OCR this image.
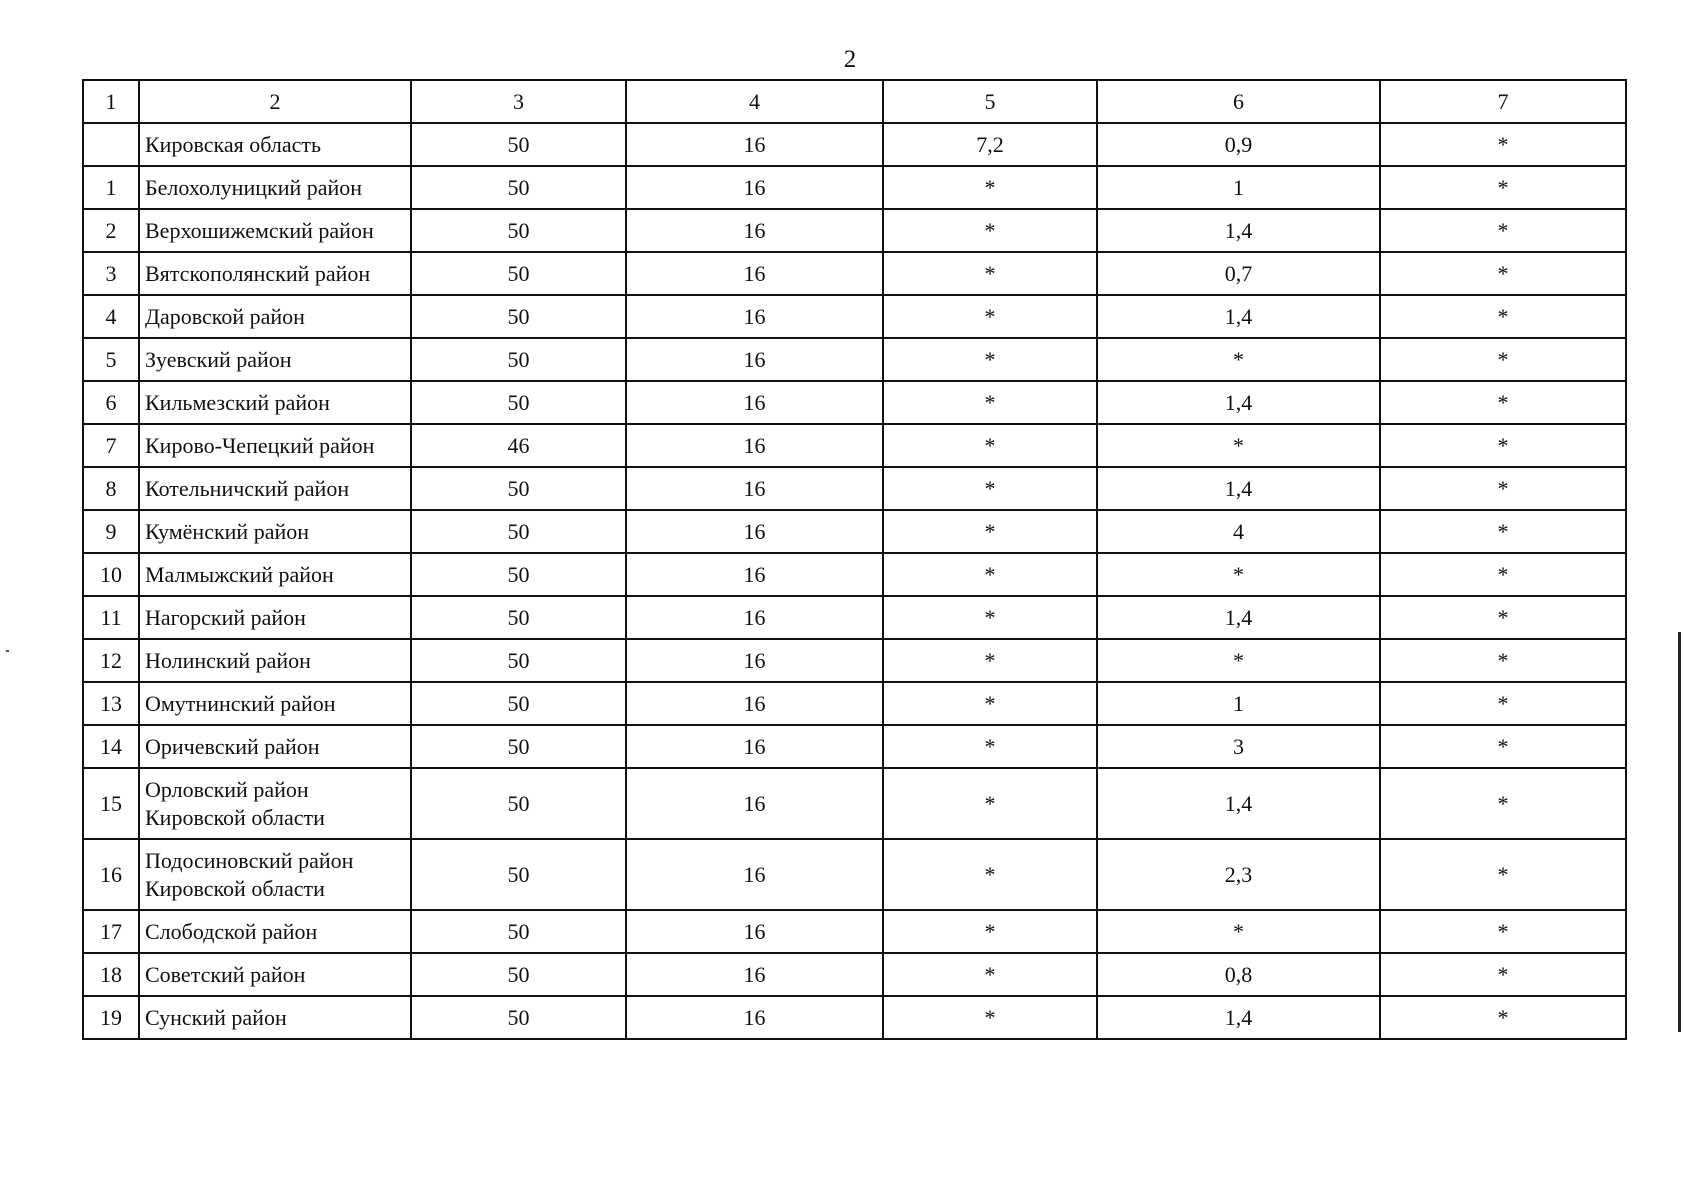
2
1	2	3	4	5	6	7

	Кировская область	50	16	7,2	0,9	*
1	Белохолуницкий район	50	16	*	1	*
2	Верхошижемский район	50	16	*	1,4	*
3	Вятскополянский район	50	16	*	0,7	*
4	Даровской район	50	16	*	1,4	*
5	Зуевский район	50	16	*	*	*
6	Кильмезский район	50	16	*	1,4	*
7	Кирово-Чепецкий район	46	16	*	*	*
8	Котельничский район	50	16	*	1,4	*
9	Кумёнский район	50	16	*	4	*
10	Малмыжский район	50	16	*	*	*
11	Нагорский район	50	16	*	1,4	*
12	Нолинский район	50	16	*	*	*
13	Омутнинский район	50	16	*	1	*
14	Оричевский район	50	16	*	3	*
15	Орловский район
Кировской области	50	16	*	1,4	*
16	Подосиновский район
Кировской области	50	16	*	2,3	*
17	Слободской район	50	16	*	*	*
18	Советский район	50	16	*	0,8	*
19	Сунский район	50	16	*	1,4	*
